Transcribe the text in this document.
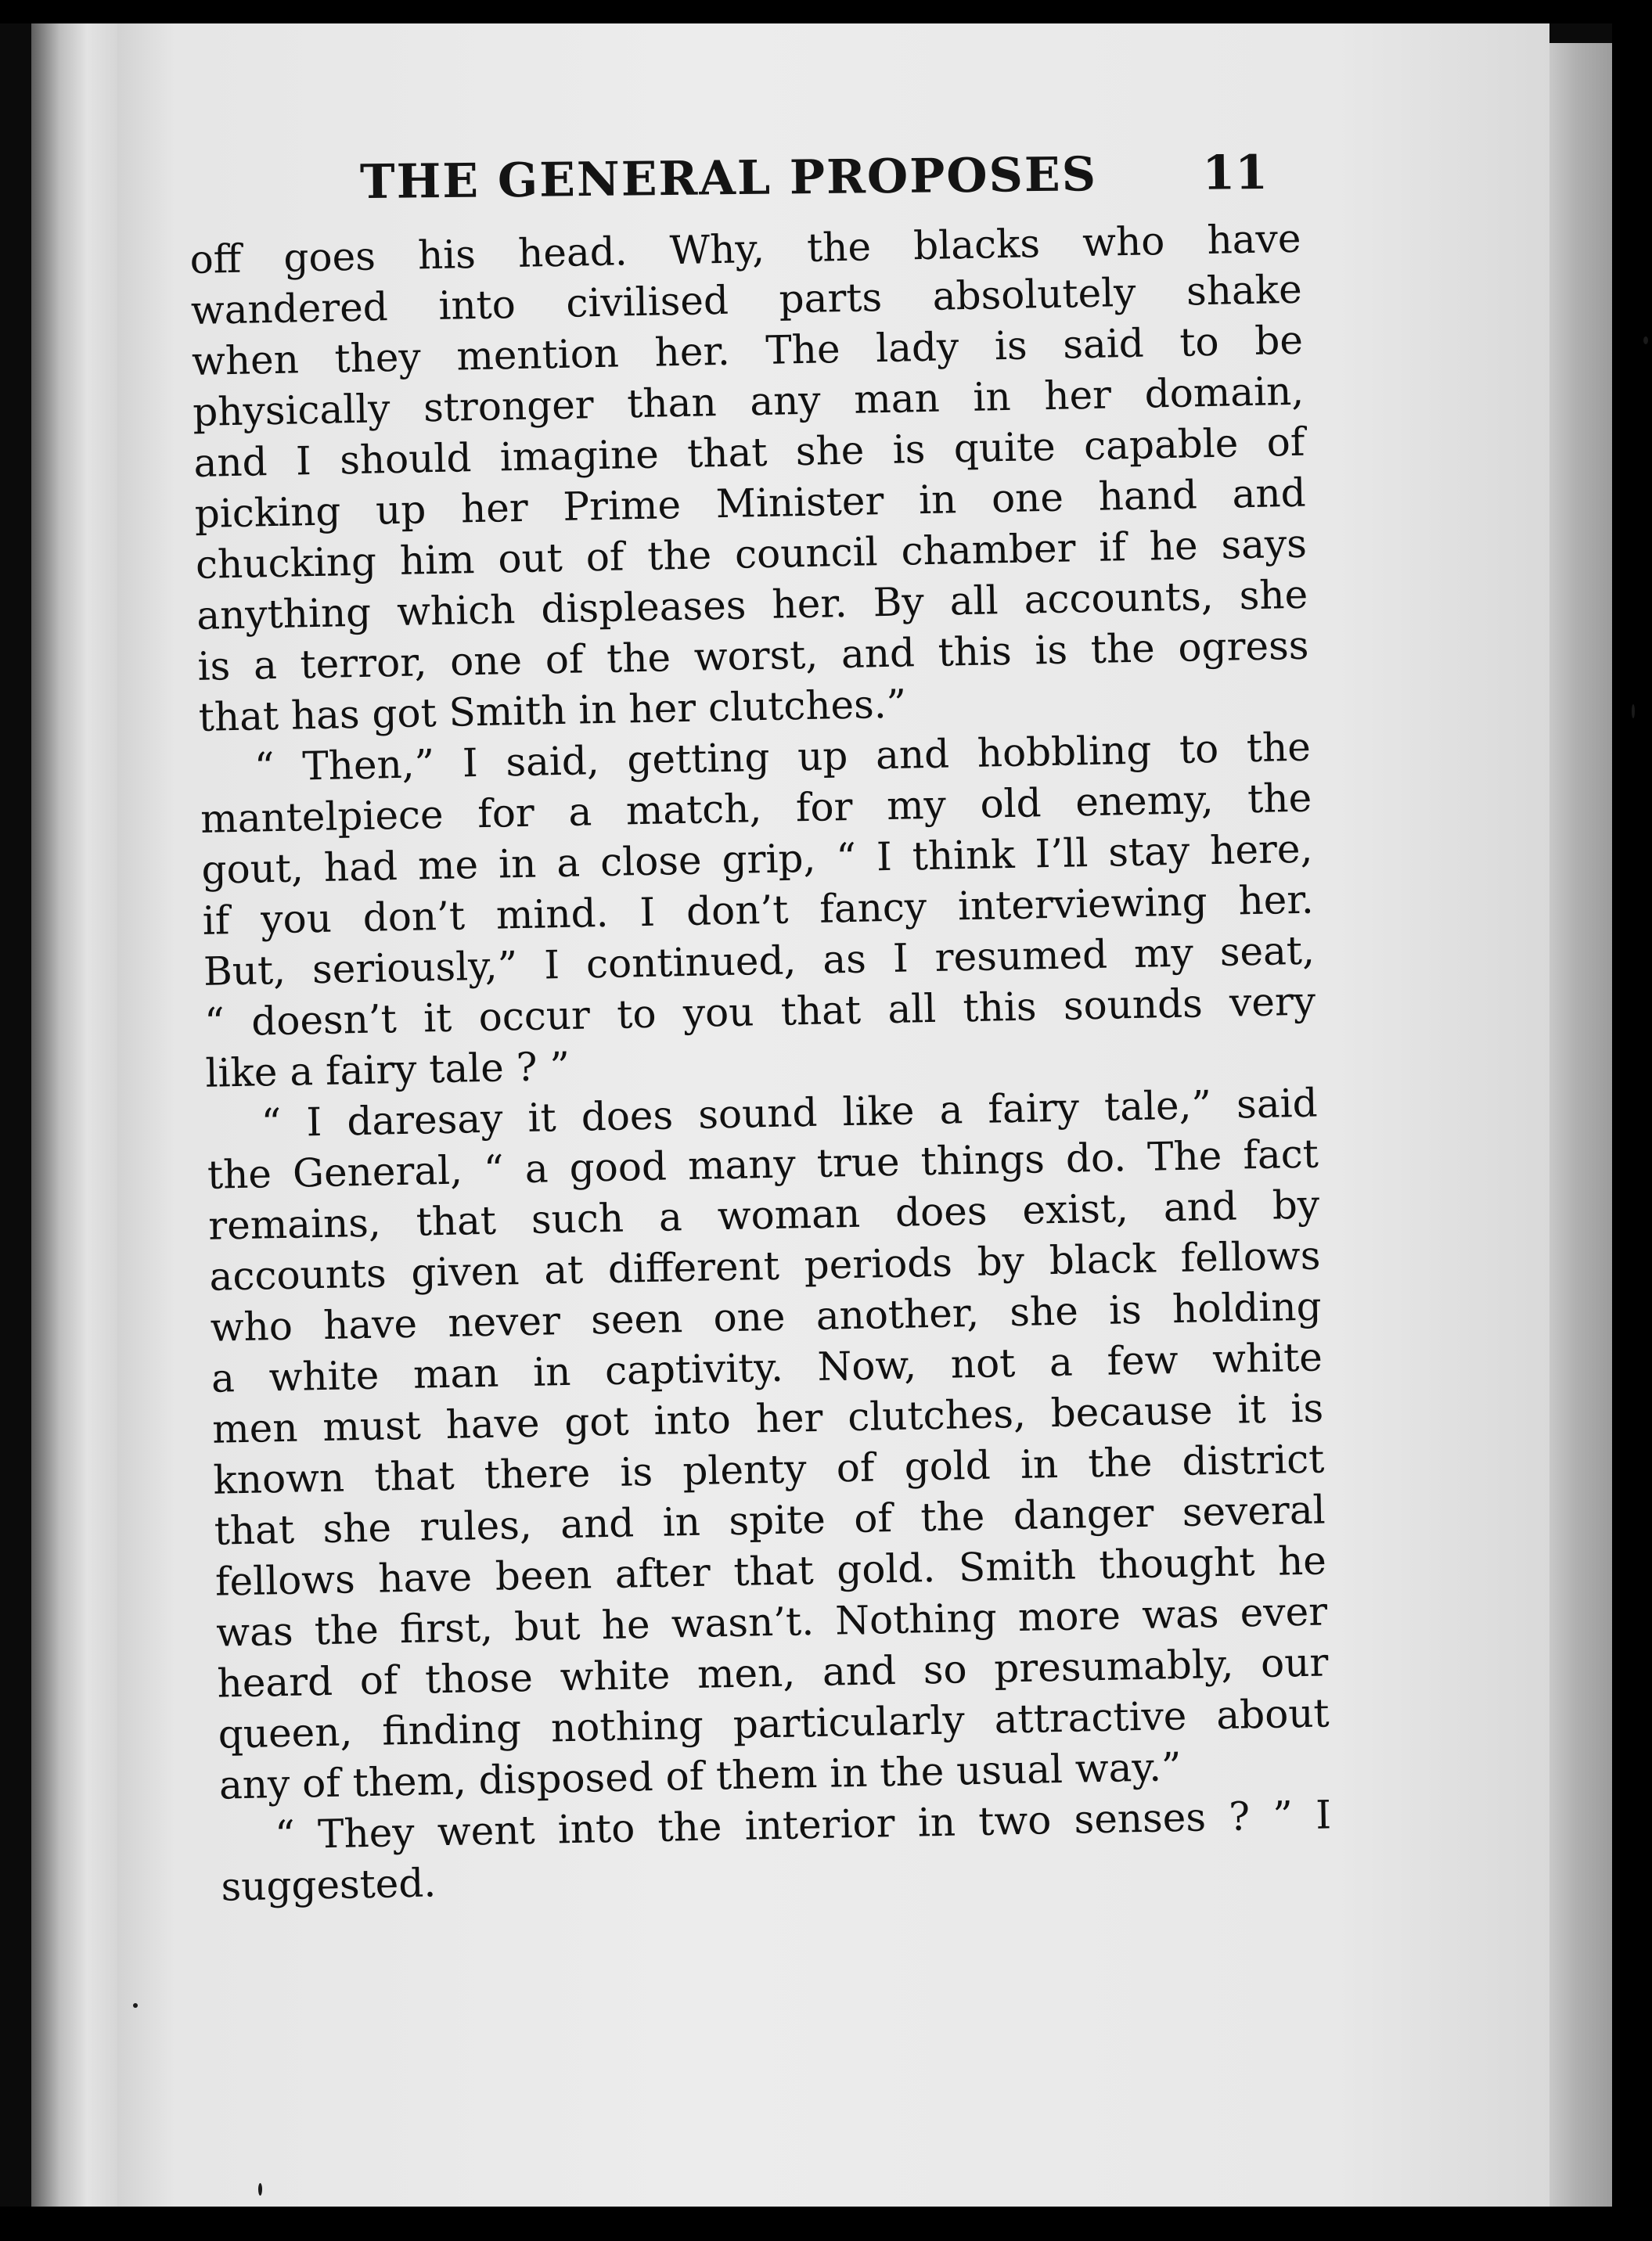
THE GENERAL PROPOSES 11
off goes his head. Why, the blacks who have
wandered into civilised parts absolutely shake
when they mention her. The lady is said to be
physically stronger than any man in her domain,
and I should imagine that she is quite capable of
picking up her Prime Minister in one hand and
chucking him out of the council chamber if he says
anything which displeases her. By all accounts, she
is a terror, one of the worst, and this is the ogress
that has got Smith in her clutches.”
“ Then,” I said, getting up and hobbling to the
mantelpiece for a match, for my old enemy, the
gout, had me in a close grip, “ I think I’ll stay here,
if you don’t mind. I don’t fancy interviewing her.
But, seriously,” I continued, as I resumed my seat,
“ doesn’t it occur to you that all this sounds very
like a fairy tale ? ”
“ I daresay it does sound like a fairy tale,” said
the General, “ a good many true things do. The fact
remains, that such a woman does exist, and by
accounts given at different periods by black fellows
who have never seen one another, she is holding
a white man in captivity. Now, not a few white
men must have got into her clutches, because it is
known that there is plenty of gold in the district
that she rules, and in spite of the danger several
fellows have been after that gold. Smith thought he
was the first, but he wasn’t. Nothing more was ever
heard of those white men, and so presumably, our
queen, finding nothing particularly attractive about
any of them, disposed of them in the usual way.”
“ They went into the interior in two senses ? ” I
suggested.
